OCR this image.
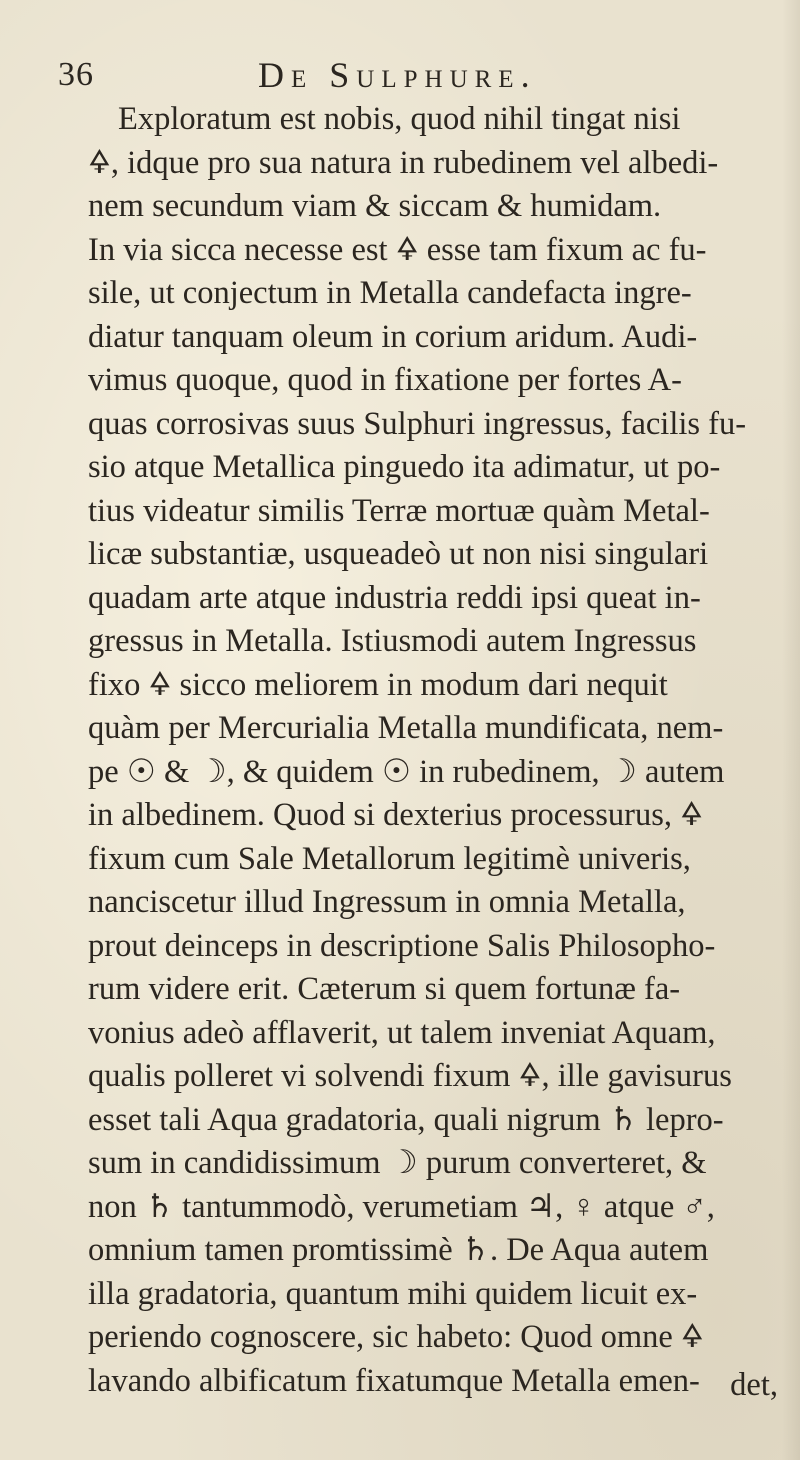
36	De Sulphure.
Exploratum est nobis, quod nihil tingat nisi
🜍, idque pro sua natura in rubedinem vel albedi-
nem secundum viam & siccam & humidam.
In via sicca necesse est 🜍 esse tam fixum ac fu-
sile, ut conjectum in Metalla candefacta ingre-
diatur tanquam oleum in corium aridum. Audi-
vimus quoque, quod in fixatione per fortes A-
quas corrosivas suus Sulphuri ingressus, facilis fu-
sio atque Metallica pinguedo ita adimatur, ut po-
tius videatur similis Terræ mortuæ quàm Metal-
licæ substantiæ, usqueadeò ut non nisi singulari
quadam arte atque industria reddi ipsi queat in-
gressus in Metalla. Istiusmodi autem Ingressus
fixo 🜍 sicco meliorem in modum dari nequit
quàm per Mercurialia Metalla mundificata, nem-
pe ☉ & ☽, & quidem ☉ in rubedinem, ☽ autem
in albedinem. Quod si dexterius processurus, 🜍
fixum cum Sale Metallorum legitimè univeris,
nanciscetur illud Ingressum in omnia Metalla,
prout deinceps in descriptione Salis Philosopho-
rum videre erit. Cæterum si quem fortunæ fa-
vonius adeò afflaverit, ut talem inveniat Aquam,
qualis polleret vi solvendi fixum 🜍, ille gavisurus
esset tali Aqua gradatoria, quali nigrum ♄ lepro-
sum in candidissimum ☽ purum converteret, &
non ♄ tantummodò, verumetiam ♃, ♀ atque ♂,
omnium tamen promtissimè ♄. De Aqua autem
illa gradatoria, quantum mihi quidem licuit ex-
periendo cognoscere, sic habeto: Quod omne 🜍
lavando albificatum fixatumque Metalla emen- det,
